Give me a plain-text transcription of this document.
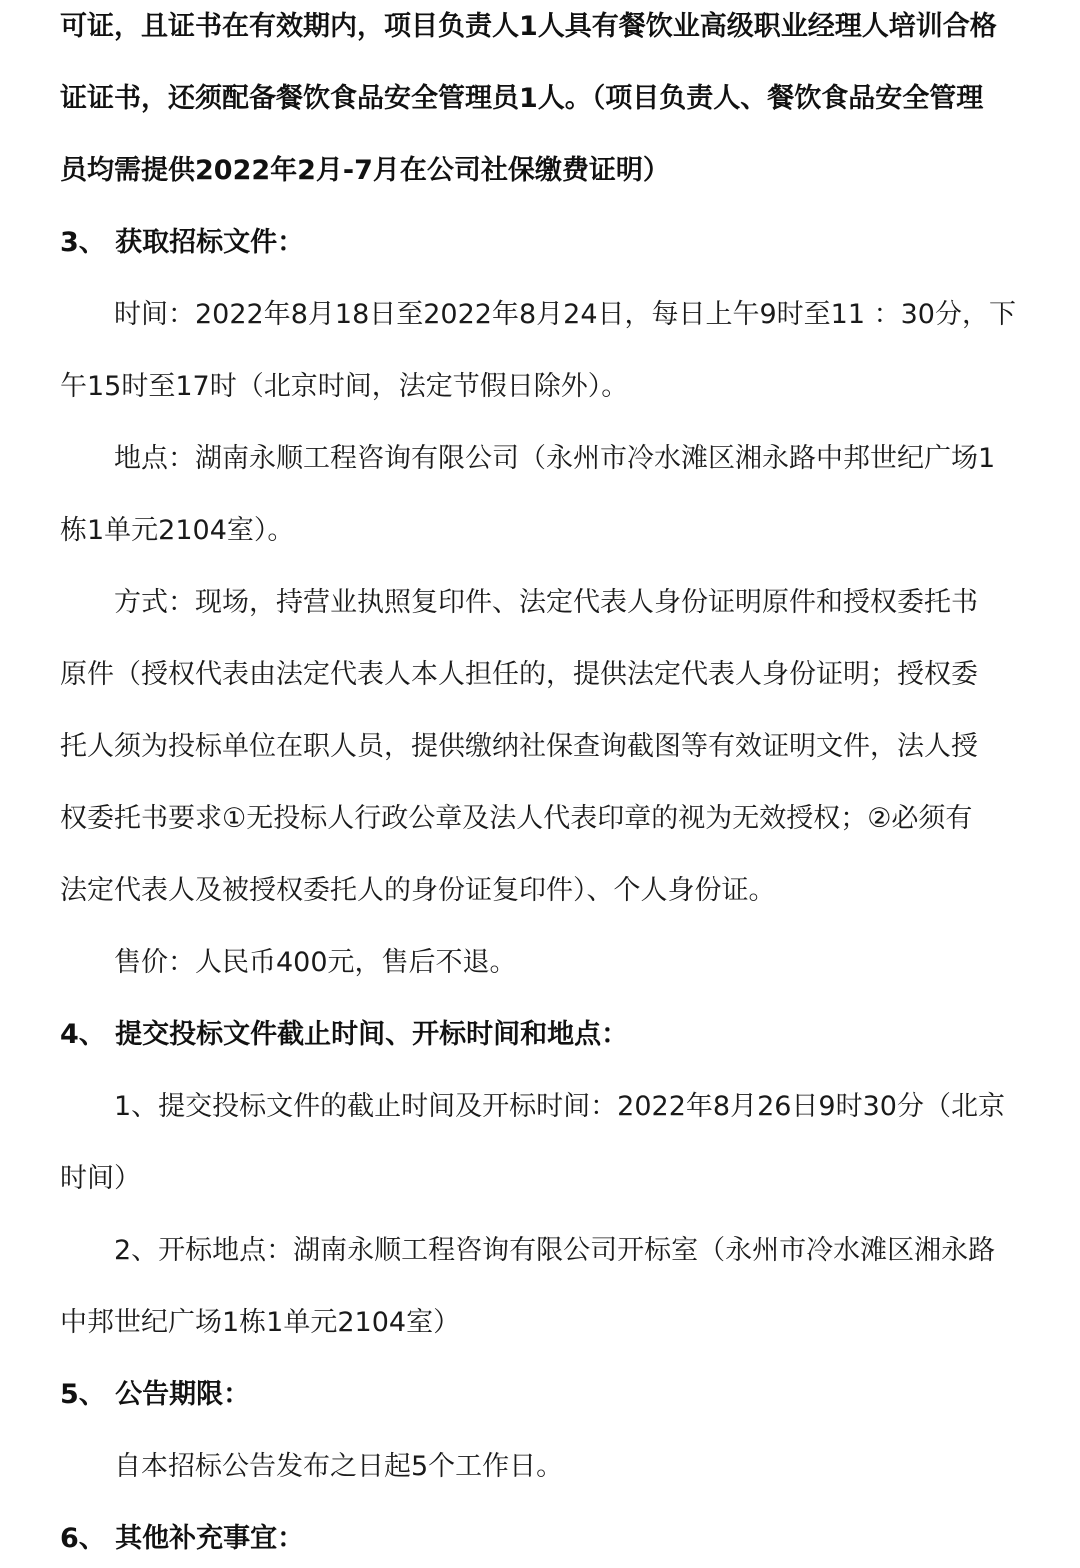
可证，且证书在有效期内，项目负责人1人具有餐饮业高级职业经理人培训合格
证证书，还须配备餐饮食品安全管理员1人。（项目负责人、餐饮食品安全管理
员均需提供2022年2月-7月在公司社保缴费证明）
3、 获取招标文件：
时间：2022年8月18日至2022年8月24日，每日上午9时至11 ：30分，下
午15时至17时（北京时间，法定节假日除外）。
地点：湖南永顺工程咨询有限公司（永州市冷水滩区湘永路中邦世纪广场1
栋1单元2104室）。
方式：现场，持营业执照复印件、法定代表人身份证明原件和授权委托书
原件（授权代表由法定代表人本人担任的，提供法定代表人身份证明；授权委
托人须为投标单位在职人员，提供缴纳社保查询截图等有效证明文件，法人授
权委托书要求①无投标人行政公章及法人代表印章的视为无效授权；②必须有
法定代表人及被授权委托人的身份证复印件）、个人身份证。
售价：人民币400元，售后不退。
4、 提交投标文件截止时间、开标时间和地点：
1、提交投标文件的截止时间及开标时间：2022年8月26日9时30分（北京
时间）
2、开标地点：湖南永顺工程咨询有限公司开标室（永州市冷水滩区湘永路
中邦世纪广场1栋1单元2104室）
5、 公告期限：
自本招标公告发布之日起5个工作日。
6、 其他补充事宜：
